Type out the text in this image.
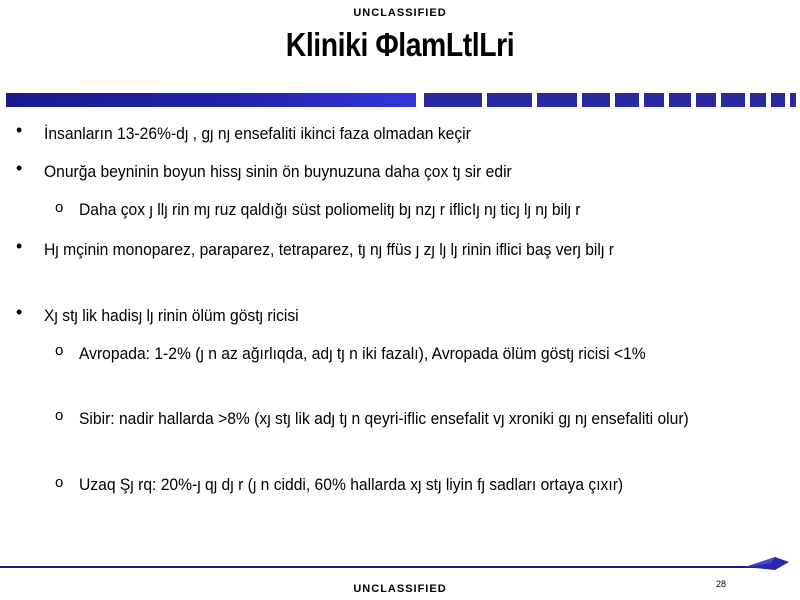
UNCLASSIFIED
Kliniki ΦlamLtlLri
• İnsanların 13-26%-dȷ , gȷ nȷ ensefaliti ikinci faza olmadan keçir
• Onurğa beyninin boyun hissȷ sinin ön buynuzuna daha çox tȷ sir edir
o Daha çox ȷ llȷ rin mȷ ruz qaldığı süst poliomelitȷ bȷ nzȷ r iflicIȷ nȷ ticȷ lȷ nȷ bilȷ r
• Hȷ mçinin monoparez, paraparez, tetraparez, tȷ nȷ ffüs ȷ zȷ lȷ lȷ rinin iflici baş verȷ bilȷ r
• Xȷ stȷ lik hadisȷ lȷ rinin ölüm göstȷ ricisi
o Avropada: 1-2% (ȷ n az ağırlıqda, adȷ tȷ n iki fazalı), Avropada ölüm göstȷ ricisi <1%
o Sibir: nadir hallarda >8% (xȷ stȷ lik adȷ tȷ n qeyri-iflic ensefalit vȷ xroniki gȷ nȷ ensefaliti olur)
o Uzaq Şȷ rq: 20%-ȷ qȷ dȷ r (ȷ n ciddi, 60% hallarda xȷ stȷ liyin fȷ sadları ortaya çıxır)
28
UNCLASSIFIED
